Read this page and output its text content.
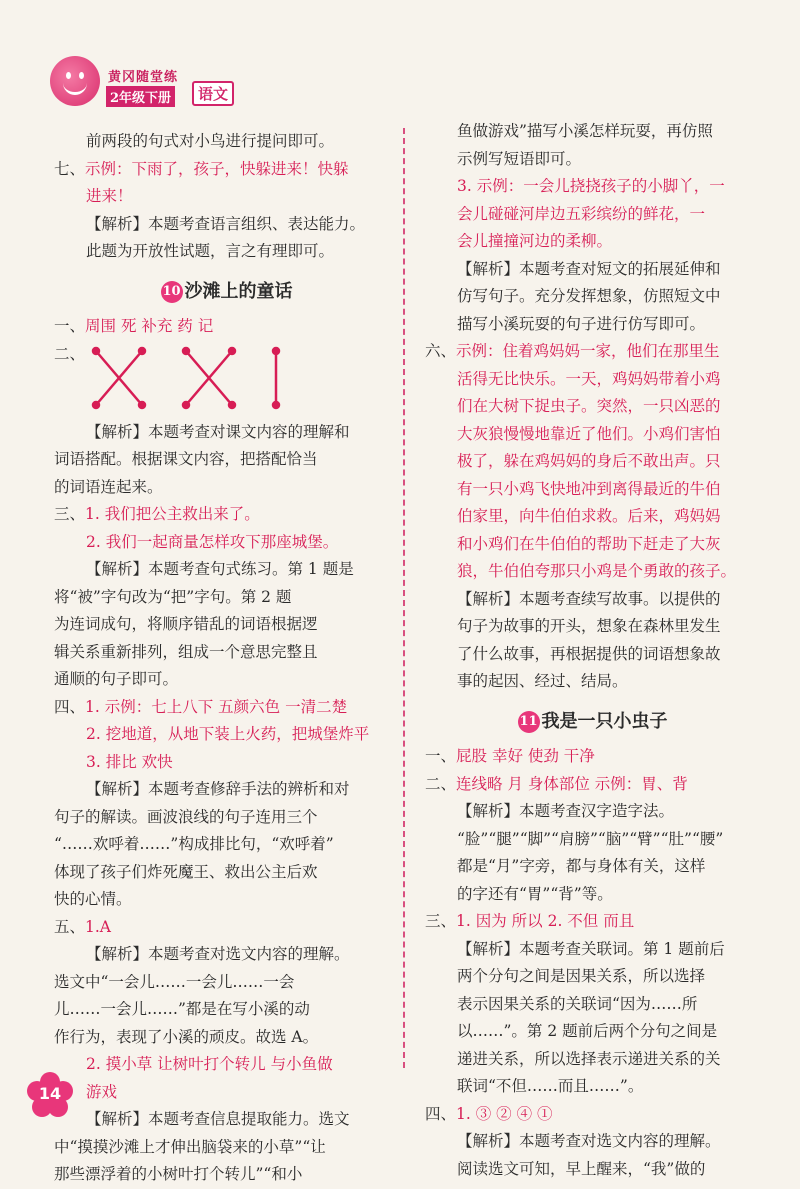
黄冈随堂练
2年级下册	语文
前两段的句式对小鸟进行提问即可。
七、示例：下雨了，孩子，快躲进来！快躲
进来！
【解析】本题考查语言组织、表达能力。
此题为开放性试题，言之有理即可。
10 沙滩上的童话
一、周围 死 补充 药 记
二、
【解析】本题考查对课文内容的理解和
词语搭配。根据课文内容，把搭配恰当
的词语连起来。
三、1. 我们把公主救出来了。
2. 我们一起商量怎样攻下那座城堡。
【解析】本题考查句式练习。第 1 题是
将“被”字句改为“把”字句。第 2 题
为连词成句，将顺序错乱的词语根据逻
辑关系重新排列，组成一个意思完整且
通顺的句子即可。
四、1. 示例：七上八下 五颜六色 一清二楚
2. 挖地道，从地下装上火药，把城堡炸平
3. 排比 欢快
【解析】本题考查修辞手法的辨析和对
句子的解读。画波浪线的句子连用三个
“……欢呼着……”构成排比句，“欢呼着”
体现了孩子们炸死魔王、救出公主后欢
快的心情。
五、1.A
【解析】本题考查对选文内容的理解。
选文中“一会儿……一会儿……一会
儿……一会儿……”都是在写小溪的动
作行为，表现了小溪的顽皮。故选 A。
2. 摸小草 让树叶打个转儿 与小鱼做
游戏
【解析】本题考查信息提取能力。选文
中“摸摸沙滩上才伸出脑袋来的小草”“让
那些漂浮着的小树叶打个转儿”“和小
鱼做游戏”描写小溪怎样玩耍，再仿照
示例写短语即可。
3. 示例：一会儿挠挠孩子的小脚丫，一
会儿碰碰河岸边五彩缤纷的鲜花，一
会儿撞撞河边的柔柳。
【解析】本题考查对短文的拓展延伸和
仿写句子。充分发挥想象，仿照短文中
描写小溪玩耍的句子进行仿写即可。
六、示例：住着鸡妈妈一家，他们在那里生
活得无比快乐。一天，鸡妈妈带着小鸡
们在大树下捉虫子。突然，一只凶恶的
大灰狼慢慢地靠近了他们。小鸡们害怕
极了，躲在鸡妈妈的身后不敢出声。只
有一只小鸡飞快地冲到离得最近的牛伯
伯家里，向牛伯伯求救。后来，鸡妈妈
和小鸡们在牛伯伯的帮助下赶走了大灰
狼，牛伯伯夸那只小鸡是个勇敢的孩子。
【解析】本题考查续写故事。以提供的
句子为故事的开头，想象在森林里发生
了什么故事，再根据提供的词语想象故
事的起因、经过、结局。
11 我是一只小虫子
一、屁股 幸好 使劲 干净
二、连线略 月 身体部位 示例：胃、背
【解析】本题考查汉字造字法。
“脸”“腿”“脚”“肩膀”“脑”“臂”“肚”“腰”
都是“月”字旁，都与身体有关，这样
的字还有“胃”“背”等。
三、1. 因为 所以 2. 不但 而且
【解析】本题考查关联词。第 1 题前后
两个分句之间是因果关系，所以选择
表示因果关系的关联词“因为……所
以……”。第 2 题前后两个分句之间是
递进关系，所以选择表示递进关系的关
联词“不但……而且……”。
四、1. ③ ② ④ ①
【解析】本题考查对选文内容的理解。
阅读选文可知，早上醒来，“我”做的
14
